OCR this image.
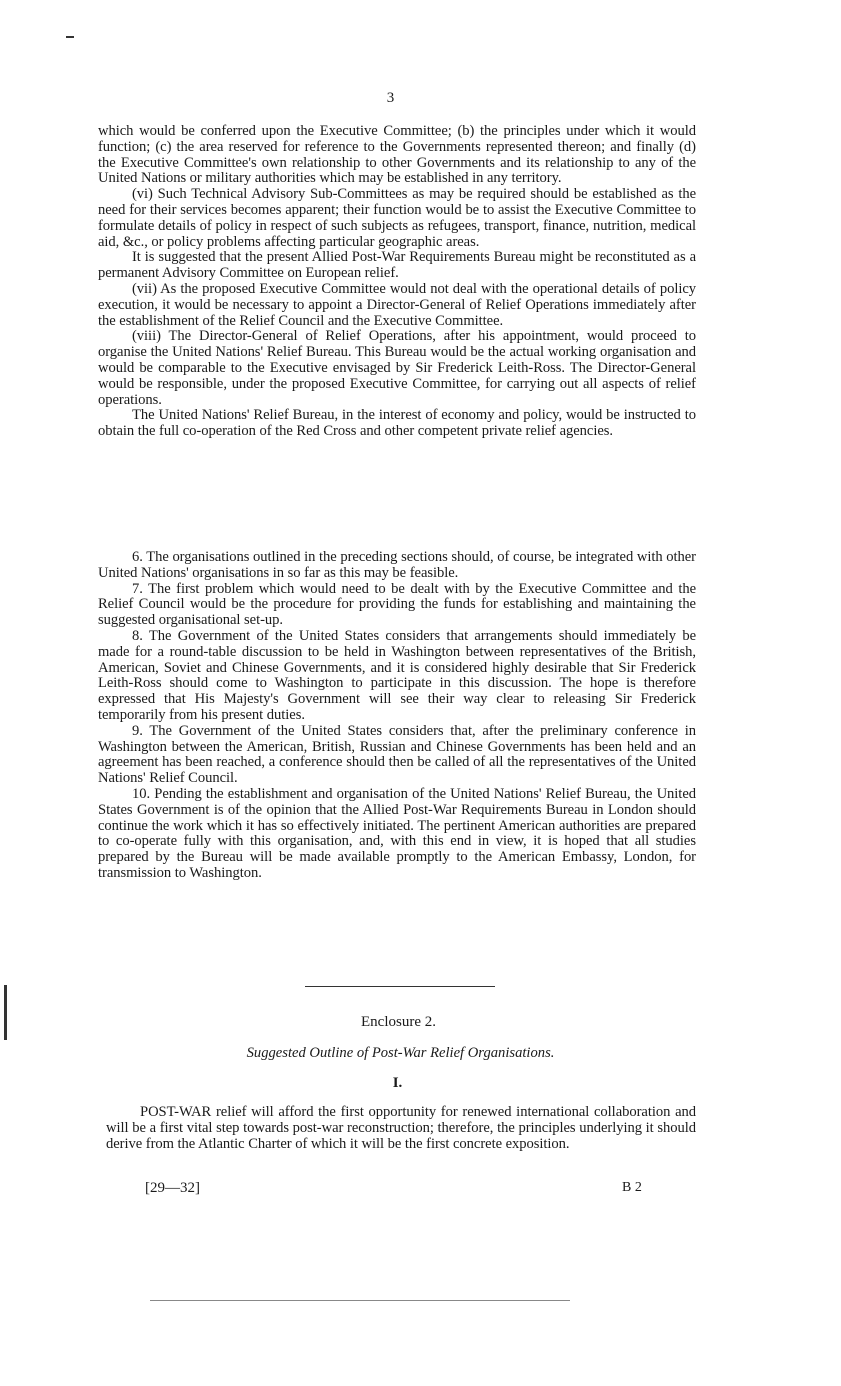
3

which would be conferred upon the Executive Committee; (b) the principles under which it would function; (c) the area reserved for reference to the Governments represented thereon; and finally (d) the Executive Committee's own relationship to other Governments and its relationship to any of the United Nations or military authorities which may be established in any territory.

(vi) Such Technical Advisory Sub-Committees as may be required should be established as the need for their services becomes apparent; their function would be to assist the Executive Committee to formulate details of policy in respect of such subjects as refugees, transport, finance, nutrition, medical aid, &c., or policy problems affecting particular geographic areas.

It is suggested that the present Allied Post-War Requirements Bureau might be reconstituted as a permanent Advisory Committee on European relief.

(vii) As the proposed Executive Committee would not deal with the operational details of policy execution, it would be necessary to appoint a Director-General of Relief Operations immediately after the establishment of the Relief Council and the Executive Committee.

(viii) The Director-General of Relief Operations, after his appointment, would proceed to organise the United Nations' Relief Bureau. This Bureau would be the actual working organisation and would be comparable to the Executive envisaged by Sir Frederick Leith-Ross. The Director-General would be responsible, under the proposed Executive Committee, for carrying out all aspects of relief operations.

The United Nations' Relief Bureau, in the interest of economy and policy, would be instructed to obtain the full co-operation of the Red Cross and other competent private relief agencies.

6. The organisations outlined in the preceding sections should, of course, be integrated with other United Nations' organisations in so far as this may be feasible.

7. The first problem which would need to be dealt with by the Executive Committee and the Relief Council would be the procedure for providing the funds for establishing and maintaining the suggested organisational set-up.

8. The Government of the United States considers that arrangements should immediately be made for a round-table discussion to be held in Washington between representatives of the British, American, Soviet and Chinese Governments, and it is considered highly desirable that Sir Frederick Leith-Ross should come to Washington to participate in this discussion. The hope is therefore expressed that His Majesty's Government will see their way clear to releasing Sir Frederick temporarily from his present duties.

9. The Government of the United States considers that, after the preliminary conference in Washington between the American, British, Russian and Chinese Governments has been held and an agreement has been reached, a conference should then be called of all the representatives of the United Nations' Relief Council.

10. Pending the establishment and organisation of the United Nations' Relief Bureau, the United States Government is of the opinion that the Allied Post-War Requirements Bureau in London should continue the work which it has so effectively initiated. The pertinent American authorities are prepared to co-operate fully with this organisation, and, with this end in view, it is hoped that all studies prepared by the Bureau will be made available promptly to the American Embassy, London, for transmission to Washington.

Enclosure 2.
Suggested Outline of Post-War Relief Organisations.
I.

POST-WAR relief will afford the first opportunity for renewed international collaboration and will be a first vital step towards post-war reconstruction; therefore, the principles underlying it should derive from the Atlantic Charter of which it will be the first concrete exposition.

[29—32]	B 2
